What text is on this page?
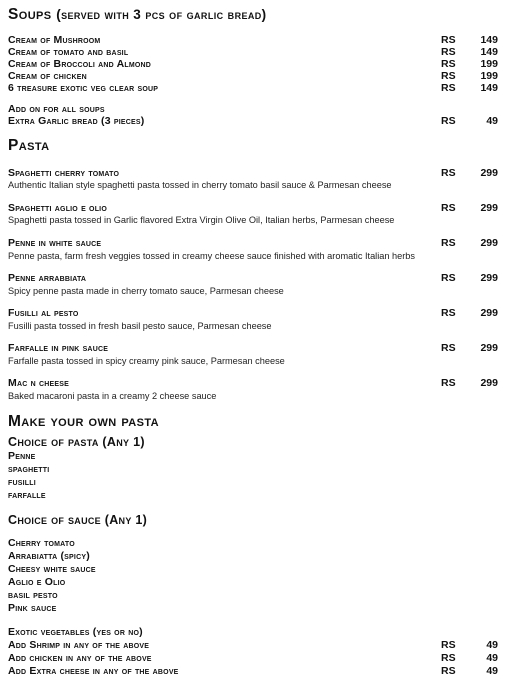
Soups (served with 3 pcs of garlic bread)
Cream of Mushroom	RS 149
Cream of tomato and basil	RS 149
Cream of Broccoli and Almond	RS 199
Cream of chicken	RS 199
6 treasure exotic veg clear soup	RS 149
Add on for all soups
Extra Garlic bread (3 pieces)	RS	49
Pasta
Spaghetti cherry tomato	RS 299
Authentic Italian style spaghetti pasta tossed in cherry tomato basil sauce & Parmesan cheese
Spaghetti aglio e olio	RS 299
Spaghetti pasta tossed in Garlic flavored Extra Virgin Olive Oil, Italian herbs, Parmesan cheese
Penne in white sauce	RS 299
Penne pasta, farm fresh veggies tossed in creamy cheese sauce finished with aromatic Italian herbs
Penne arrabbiata	RS 299
Spicy penne pasta made in cherry tomato sauce, Parmesan cheese
Fusilli al pesto	RS 299
Fusilli pasta tossed in fresh basil pesto sauce, Parmesan cheese
Farfalle in pink sauce	RS 299
Farfalle pasta tossed in spicy creamy pink sauce, Parmesan cheese
Mac n cheese	RS 299
Baked macaroni pasta in a creamy 2 cheese sauce
Make your own pasta
Choice of pasta (Any 1)
Penne
spaghetti
fusilli
farfalle
Choice of sauce (Any 1)
Cherry tomato
Arrabiatta (spicy)
Cheesy white sauce
Aglio e Olio
basil pesto
Pink sauce
Exotic vegetables (yes or no)
Add Shrimp in any of the above	RS	49
Add chicken in any of the above	RS	49
Add Extra cheese in any of the above	RS	49
